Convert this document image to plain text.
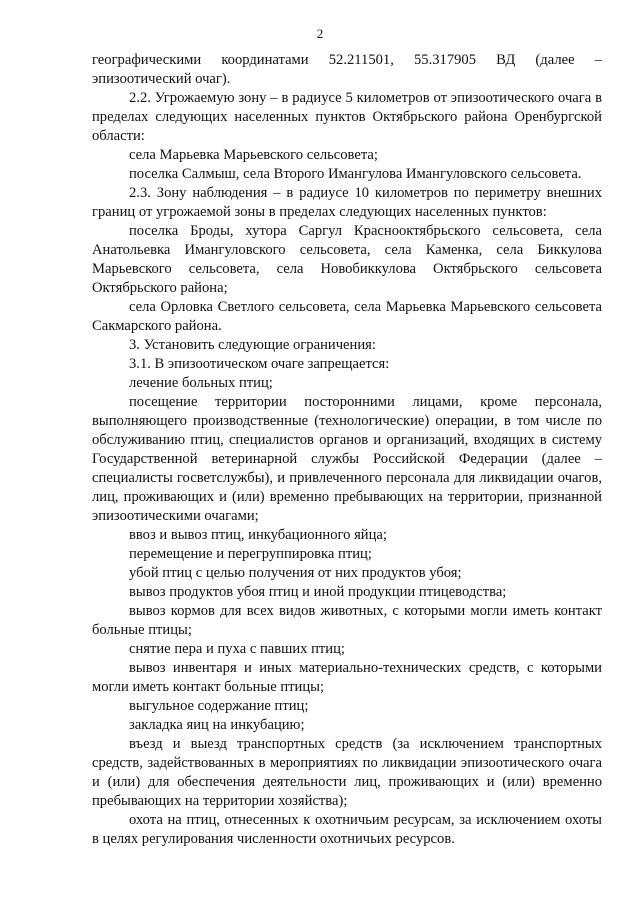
2

географическими координатами 52.211501, 55.317905 ВД (далее – эпизоотический очаг).

2.2. Угрожаемую зону – в радиусе 5 километров от эпизоотического очага в пределах следующих населенных пунктов Октябрьского района Оренбургской области:

села Марьевка Марьевского сельсовета;

поселка Салмыш, села Второго Имангулова Имангуловского сельсовета.

2.3. Зону наблюдения – в радиусе 10 километров по периметру внешних границ от угрожаемой зоны в пределах следующих населенных пунктов:

поселка Броды, хутора Саргул Краснооктябрьского сельсовета, села Анатольевка Имангуловского сельсовета, села Каменка, села Биккулова Марьевского сельсовета, села Новобиккулова Октябрьского сельсовета Октябрьского района;

села Орловка Светлого сельсовета, села Марьевка Марьевского сельсовета Сакмарского района.

3. Установить следующие ограничения:

3.1. В эпизоотическом очаге запрещается:

лечение больных птиц;

посещение территории посторонними лицами, кроме персонала, выполняющего производственные (технологические) операции, в том числе по обслуживанию птиц, специалистов органов и организаций, входящих в систему Государственной ветеринарной службы Российской Федерации (далее – специалисты госветслужбы), и привлеченного персонала для ликвидации очагов, лиц, проживающих и (или) временно пребывающих на территории, признанной эпизоотическими очагами;

ввоз и вывоз птиц, инкубационного яйца;

перемещение и перегруппировка птиц;

убой птиц с целью получения от них продуктов убоя;

вывоз продуктов убоя птиц и иной продукции птицеводства;

вывоз кормов для всех видов животных, с которыми могли иметь контакт больные птицы;

снятие пера и пуха с павших птиц;

вывоз инвентаря и иных материально-технических средств, с которыми могли иметь контакт больные птицы;

выгульное содержание птиц;

закладка яиц на инкубацию;

въезд и выезд транспортных средств (за исключением транспортных средств, задействованных в мероприятиях по ликвидации эпизоотического очага и (или) для обеспечения деятельности лиц, проживающих и (или) временно пребывающих на территории хозяйства);

охота на птиц, отнесенных к охотничьим ресурсам, за исключением охоты в целях регулирования численности охотничьих ресурсов.
